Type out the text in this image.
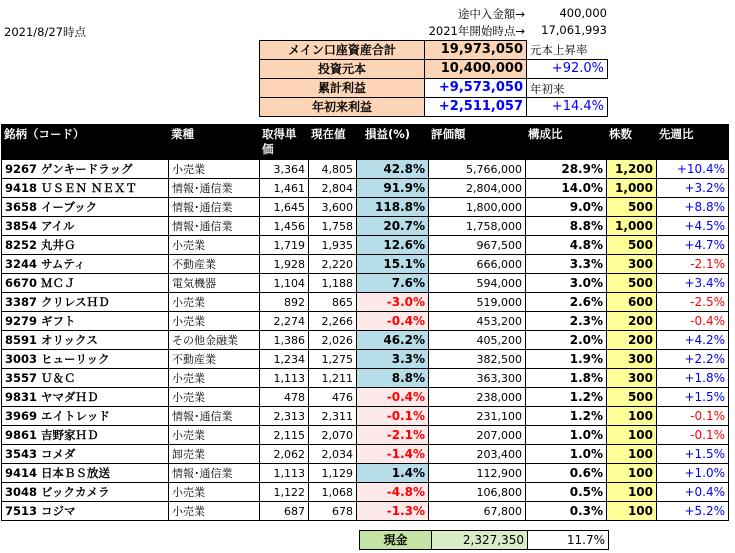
2021/8/27時点
途中入金額→	400,000
2021年開始時点→	17,061,993
メイン口座資産合計	19,973,050 元本上昇率
投資元本	10,400,000	+92.0%
累計利益	+9,573,050 年初来
年初来利益	+2,511,057	+14.4%
銘柄（コード）	業種	取得単価	現在値	損益(%)	評価額	構成比	株数	先週比
9267 ゲンキードラッグ	小売業	3,364	4,805	42.8%	5,766,000	28.9%	1,200	+10.4%
9418 ＵＳＥＮ ＮＥＸＴ	情報･通信業	1,461	2,804	91.9%	2,804,000	14.0%	1,000	+3.2%
3658 イーブック	情報･通信業	1,645	3,600	118.8%	1,800,000	9.0%	500	+8.8%
3854 アイル	情報･通信業	1,456	1,758	20.7%	1,758,000	8.8%	1,000	+4.5%
8252 丸井Ｇ	小売業	1,719	1,935	12.6%	967,500	4.8%	500	+4.7%
3244 サムティ	不動産業	1,928	2,220	15.1%	666,000	3.3%	300	-2.1%
6670 ＭＣＪ	電気機器	1,104	1,188	7.6%	594,000	3.0%	500	+3.4%
3387 クリレスＨＤ	小売業	892	865	-3.0%	519,000	2.6%	600	-2.5%
9279 ギフト	小売業	2,274	2,266	-0.4%	453,200	2.3%	200	-0.4%
8591 オリックス	その他金融業	1,386	2,026	46.2%	405,200	2.0%	200	+4.2%
3003 ヒューリック	不動産業	1,234	1,275	3.3%	382,500	1.9%	300	+2.2%
3557 Ｕ＆Ｃ	小売業	1,113	1,211	8.8%	363,300	1.8%	300	+1.8%
9831 ヤマダＨＤ	小売業	478	476	-0.4%	238,000	1.2%	500	+1.5%
3969 エイトレッド	情報･通信業	2,313	2,311	-0.1%	231,100	1.2%	100	-0.1%
9861 吉野家ＨＤ	小売業	2,115	2,070	-2.1%	207,000	1.0%	100	-0.1%
3543 コメダ	卸売業	2,062	2,034	-1.4%	203,400	1.0%	100	+1.5%
9414 日本ＢＳ放送	情報･通信業	1,113	1,129	1.4%	112,900	0.6%	100	+1.0%
3048 ビックカメラ	小売業	1,122	1,068	-4.8%	106,800	0.5%	100	+0.4%
7513 コジマ	小売業	687	678	-1.3%	67,800	0.3%	100	+5.2%
現金	2,327,350	11.7%
